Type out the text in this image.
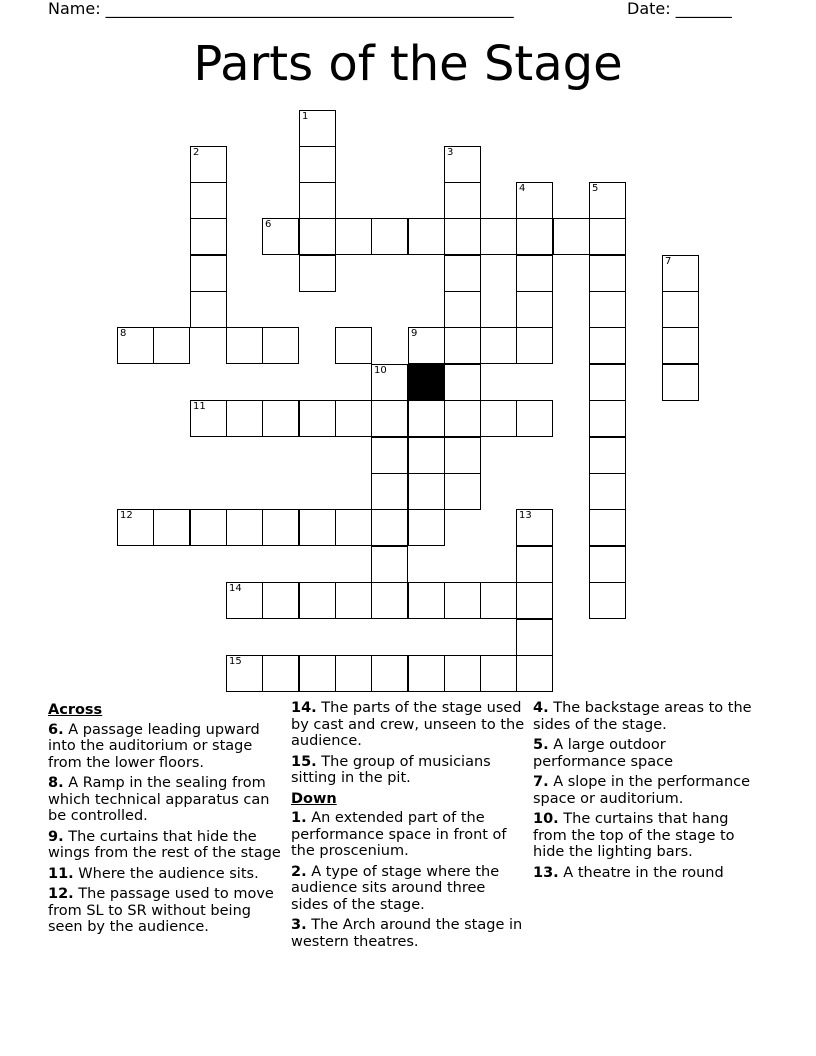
Name: ___________________________________________________	Date: _______
Parts of the Stage
1
2	3
4	5
6
7
8	9
10
11
12	13
14
15
Across
6. A passage leading upward into the auditorium or stage from the lower floors.
8. A Ramp in the sealing from which technical apparatus can be controlled.
9. The curtains that hide the wings from the rest of the stage
11. Where the audience sits.
12. The passage used to move from SL to SR without being seen by the audience.
14. The parts of the stage used by cast and crew, unseen to the audience.
15. The group of musicians sitting in the pit.
Down
1. An extended part of the performance space in front of the proscenium.
2. A type of stage where the audience sits around three sides of the stage.
3. The Arch around the stage in western theatres.
4. The backstage areas to the sides of the stage.
5. A large outdoor performance space
7. A slope in the performance space or auditorium.
10. The curtains that hang from the top of the stage to hide the lighting bars.
13. A theatre in the round
